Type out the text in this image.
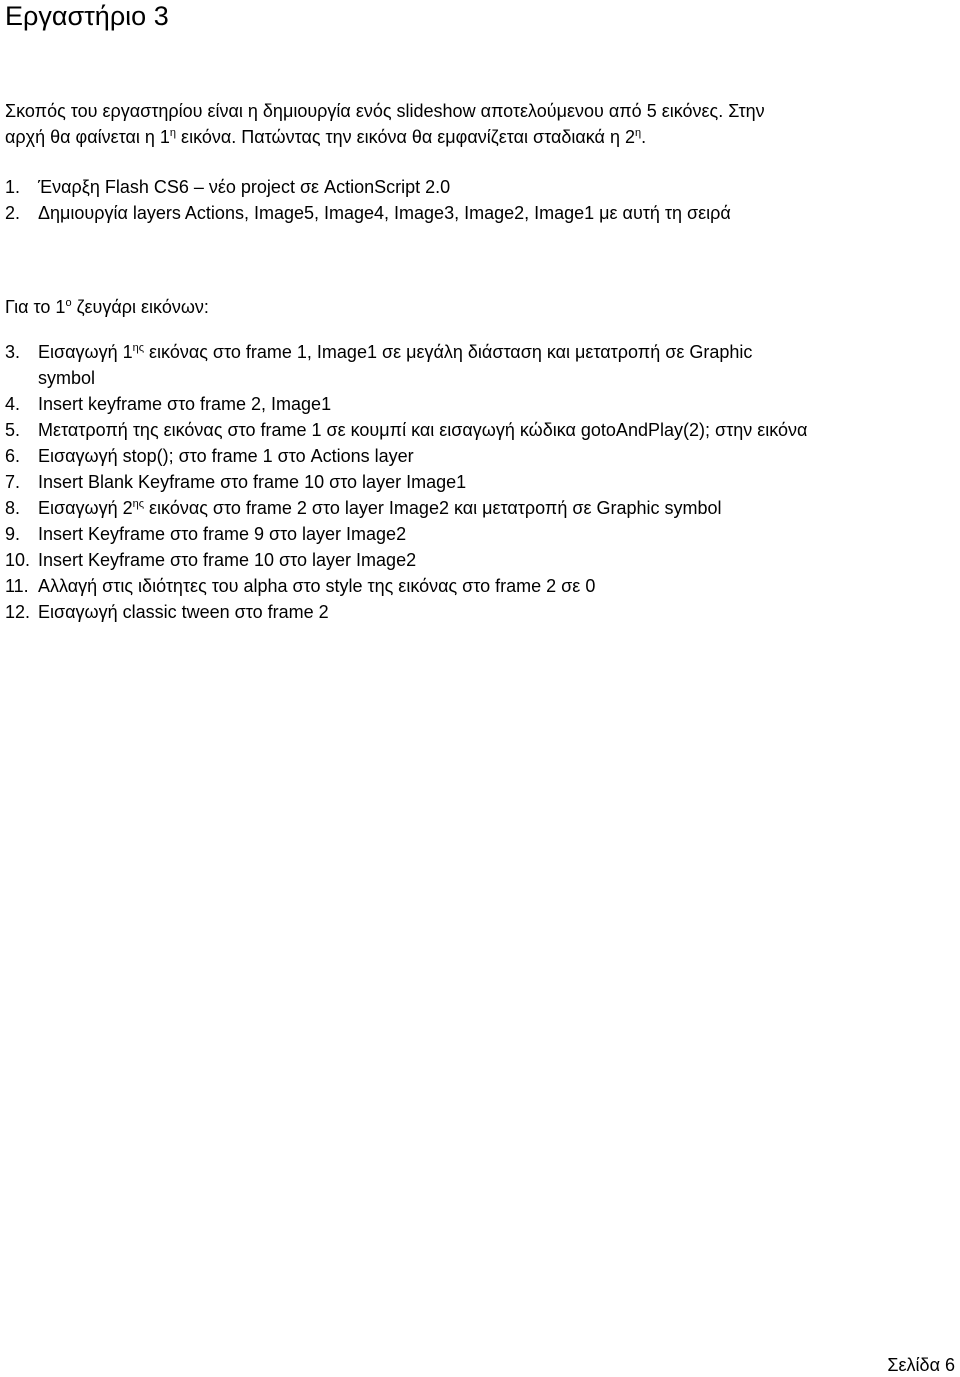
Εργαστήριο 3

Σκοπός του εργαστηρίου είναι η δημιουργία ενός slideshow αποτελούμενου από 5 εικόνες. Στην

αρχή θα φαίνεται η $1^\eta$ εικόνα. Πατώντας την εικόνα θα εμφανίζεται σταδιακά η $2^\eta$.

1. Έναρξη Flash CS6 – νέο project σε ActionScript 2.0
2. Δημιουργία layers Actions, Image5, Image4, Image3, Image2, Image1 με αυτή τη σειρά
Για το $1^o$ ζευγάρι εικόνων:
3. Εισαγωγή $1^{\eta\varsigma}$ εικόνας στο frame 1, Image1 σε μεγάλη διάσταση και μετατροπή σε Graphic
symbol
4. Insert keyframe στο frame 2, Image1
5. Μετατροπή της εικόνας στο frame 1 σε κουμπί και εισαγωγή κώδικα gotoAndPlay(2); στην εικόνα
6. Εισαγωγή stop(); στο frame 1 στο Actions layer
7. Insert Blank Keyframe στο frame 10 στο layer Image1
8. Εισαγωγή $2^{\eta\varsigma}$ εικόνας στο frame 2 στο layer Image2 και μετατροπή σε Graphic symbol
9. Insert Keyframe στο frame 9 στο layer Image2
10. Insert Keyframe στο frame 10 στο layer Image2
11. Αλλαγή στις ιδιότητες του alpha στο style της εικόνας στο frame 2 σε 0
12. Εισαγωγή classic tween στο frame 2
Σελίδα 6
